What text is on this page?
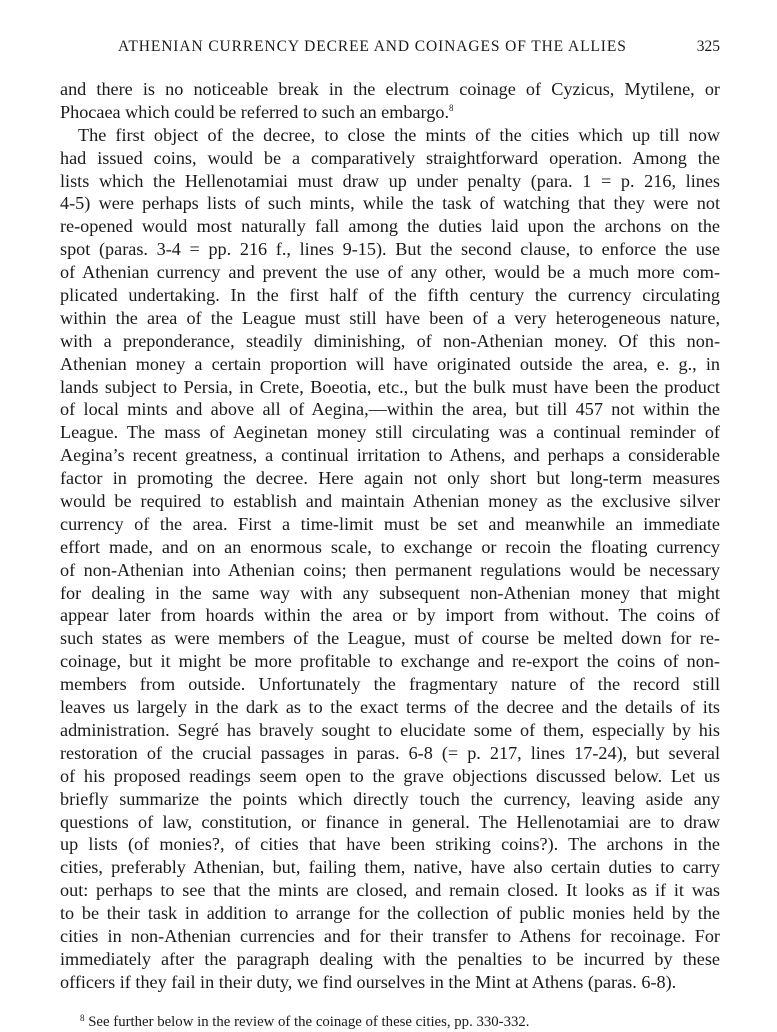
ATHENIAN CURRENCY DECREE AND COINAGES OF THE ALLIES	325
and there is no noticeable break in the electrum coinage of Cyzicus, Mytilene, or
Phocaea which could be referred to such an embargo.$^8$
The first object of the decree, to close the mints of the cities which up till now
had issued coins, would be a comparatively straightforward operation. Among the
lists which the Hellenotamiai must draw up under penalty (para. 1 = p. 216, lines
4-5) were perhaps lists of such mints, while the task of watching that they were not
re-opened would most naturally fall among the duties laid upon the archons on the
spot (paras. 3-4 = pp. 216 f., lines 9-15). But the second clause, to enforce the use
of Athenian currency and prevent the use of any other, would be a much more com-
plicated undertaking. In the first half of the fifth century the currency circulating
within the area of the League must still have been of a very heterogeneous nature,
with a preponderance, steadily diminishing, of non-Athenian money. Of this non-
Athenian money a certain proportion will have originated outside the area, e. g., in
lands subject to Persia, in Crete, Boeotia, etc., but the bulk must have been the product
of local mints and above all of Aegina,—within the area, but till 457 not within the
League. The mass of Aeginetan money still circulating was a continual reminder of
Aegina’s recent greatness, a continual irritation to Athens, and perhaps a considerable
factor in promoting the decree. Here again not only short but long-term measures
would be required to establish and maintain Athenian money as the exclusive silver
currency of the area. First a time-limit must be set and meanwhile an immediate
effort made, and on an enormous scale, to exchange or recoin the floating currency
of non-Athenian into Athenian coins; then permanent regulations would be necessary
for dealing in the same way with any subsequent non-Athenian money that might
appear later from hoards within the area or by import from without. The coins of
such states as were members of the League, must of course be melted down for re-
coinage, but it might be more profitable to exchange and re-export the coins of non-
members from outside. Unfortunately the fragmentary nature of the record still
leaves us largely in the dark as to the exact terms of the decree and the details of its
administration. Segré has bravely sought to elucidate some of them, especially by his
restoration of the crucial passages in paras. 6-8 (= p. 217, lines 17-24), but several
of his proposed readings seem open to the grave objections discussed below. Let us
briefly summarize the points which directly touch the currency, leaving aside any
questions of law, constitution, or finance in general. The Hellenotamiai are to draw
up lists (of monies?, of cities that have been striking coins?). The archons in the
cities, preferably Athenian, but, failing them, native, have also certain duties to carry
out: perhaps to see that the mints are closed, and remain closed. It looks as if it was
to be their task in addition to arrange for the collection of public monies held by the
cities in non-Athenian currencies and for their transfer to Athens for recoinage. For
immediately after the paragraph dealing with the penalties to be incurred by these
officers if they fail in their duty, we find ourselves in the Mint at Athens (paras. 6-8).
$^8$ See further below in the review of the coinage of these cities, pp. 330-332.
